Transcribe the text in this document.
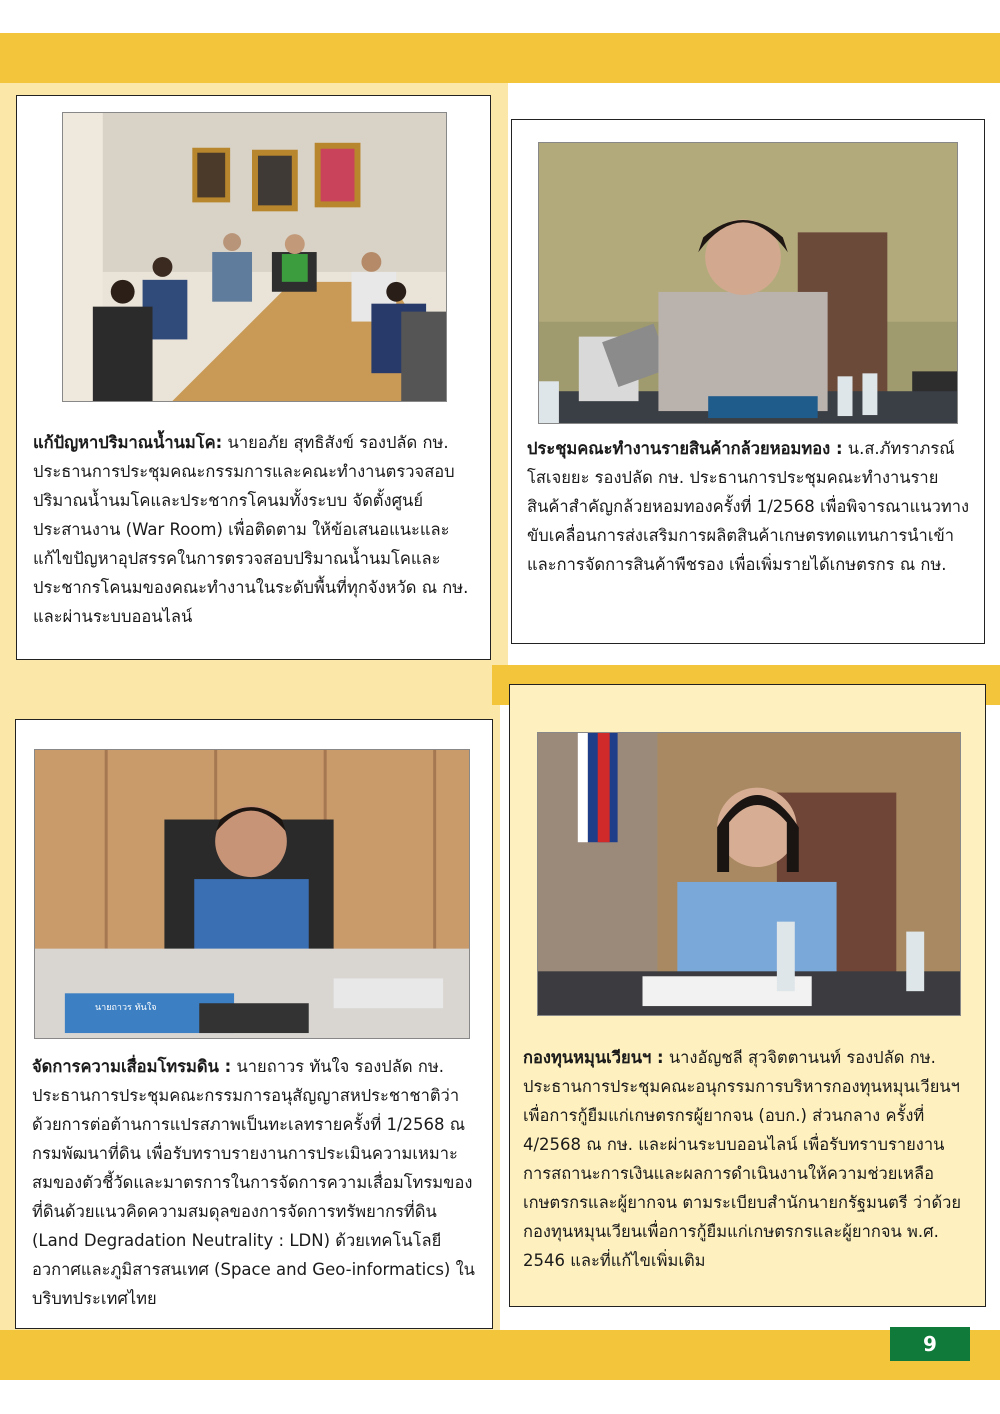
แก้ปัญหาปริมาณน้ำนมโค: นายอภัย สุทธิสังข์ รองปลัด กษ. ประธานการประชุมคณะกรรมการและคณะทำงานตรวจสอบปริมาณน้ำนมโคและประชากรโคนมทั้งระบบ จัดตั้งศูนย์ประสานงาน (War Room) เพื่อติดตาม ให้ข้อเสนอแนะและแก้ไขปัญหาอุปสรรคในการตรวจสอบปริมาณน้ำนมโคและประชากรโคนมของคณะทำงานในระดับพื้นที่ทุกจังหวัด ณ กษ. และผ่านระบบออนไลน์
ประชุมคณะทำงานรายสินค้ากล้วยหอมทอง : น.ส.ภัทราภรณ์ โสเจยยะ รองปลัด กษ. ประธานการประชุมคณะทำงานรายสินค้าสำคัญกล้วยหอมทองครั้งที่ 1/2568 เพื่อพิจารณาแนวทางขับเคลื่อนการส่งเสริมการผลิตสินค้าเกษตรทดแทนการนำเข้าและการจัดการสินค้าพืชรอง เพื่อเพิ่มรายได้เกษตรกร ณ กษ.
นายถาวร ทันใจ
จัดการความเสื่อมโทรมดิน : นายถาวร ทันใจ รองปลัด กษ. ประธานการประชุมคณะกรรมการอนุสัญญาสหประชาชาติว่าด้วยการต่อต้านการแปรสภาพเป็นทะเลทรายครั้งที่ 1/2568 ณ กรมพัฒนาที่ดิน เพื่อรับทราบรายงานการประเมินความเหมาะสมของตัวชี้วัดและมาตรการในการจัดการความเสื่อมโทรมของที่ดินด้วยแนวคิดความสมดุลของการจัดการทรัพยากรที่ดิน (Land Degradation Neutrality : LDN) ด้วยเทคโนโลยีอวกาศและภูมิสารสนเทศ (Space and Geo-informatics) ในบริบทประเทศไทย
กองทุนหมุนเวียนฯ : นางอัญชลี สุวจิตตานนท์ รองปลัด กษ. ประธานการประชุมคณะอนุกรรมการบริหารกองทุนหมุนเวียนฯ เพื่อการกู้ยืมแก่เกษตรกรผู้ยากจน (อบก.) ส่วนกลาง ครั้งที่ 4/2568 ณ กษ. และผ่านระบบออนไลน์ เพื่อรับทราบรายงานการสถานะการเงินและผลการดำเนินงานให้ความช่วยเหลือเกษตรกรและผู้ยากจน ตามระเบียบสำนักนายกรัฐมนตรี ว่าด้วยกองทุนหมุนเวียนเพื่อการกู้ยืมแก่เกษตรกรและผู้ยากจน พ.ศ. 2546 และที่แก้ไขเพิ่มเติม
9
